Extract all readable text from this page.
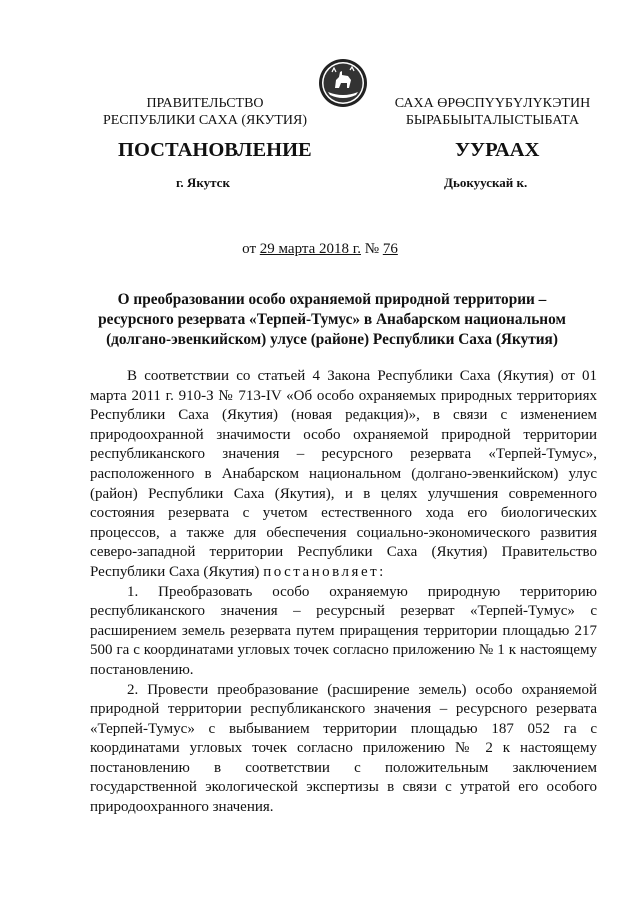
ПРАВИТЕЛЬСТВО
РЕСПУБЛИКИ САХА (ЯКУТИЯ)
САХА ӨРӨСПҮҮБҮЛҮКЭТИН
БЫРАБЫЫТАЛЫСТЫБАТА
ПОСТАНОВЛЕНИЕ	УУРААХ
г. Якутск	Дьокуускай к.
от 29 марта 2018 г. № 76
О преобразовании особо охраняемой природной территории –
ресурсного резервата «Терпей-Тумус» в Анабарском национальном
(долгано-эвенкийском) улусе (районе) Республики Саха (Якутия)

В соответствии со статьей 4 Закона Республики Саха (Якутия) от 01 марта 2011 г. 910-З № 713-IV «Об особо охраняемых природных территориях Республики Саха (Якутия) (новая редакция)», в связи с изменением природоохранной значимости особо охраняемой природной территории республиканского значения – ресурсного резервата «Терпей-Тумус», расположенного в Анабарском национальном (долгано-эвенкийском) улус (район) Республики Саха (Якутия), и в целях улучшения современного состояния резервата с учетом естественного хода его биологических процессов, а также для обеспечения социально-экономического развития северо-западной территории Республики Саха (Якутия) Правительство Республики Саха (Якутия) постановляет:

1. Преобразовать особо охраняемую природную территорию республиканского значения – ресурсный резерват «Терпей-Тумус» с расширением земель резервата путем приращения территории площадью 217 500 га с координатами угловых точек согласно приложению № 1 к настоящему постановлению.

2. Провести преобразование (расширение земель) особо охраняемой природной территории республиканского значения – ресурсного резервата «Терпей-Тумус» с выбыванием территории площадью 187 052 га с координатами угловых точек согласно приложению № 2 к настоящему постановлению в соответствии с положительным заключением государственной экологической экспертизы в связи с утратой его особого природоохранного значения.
